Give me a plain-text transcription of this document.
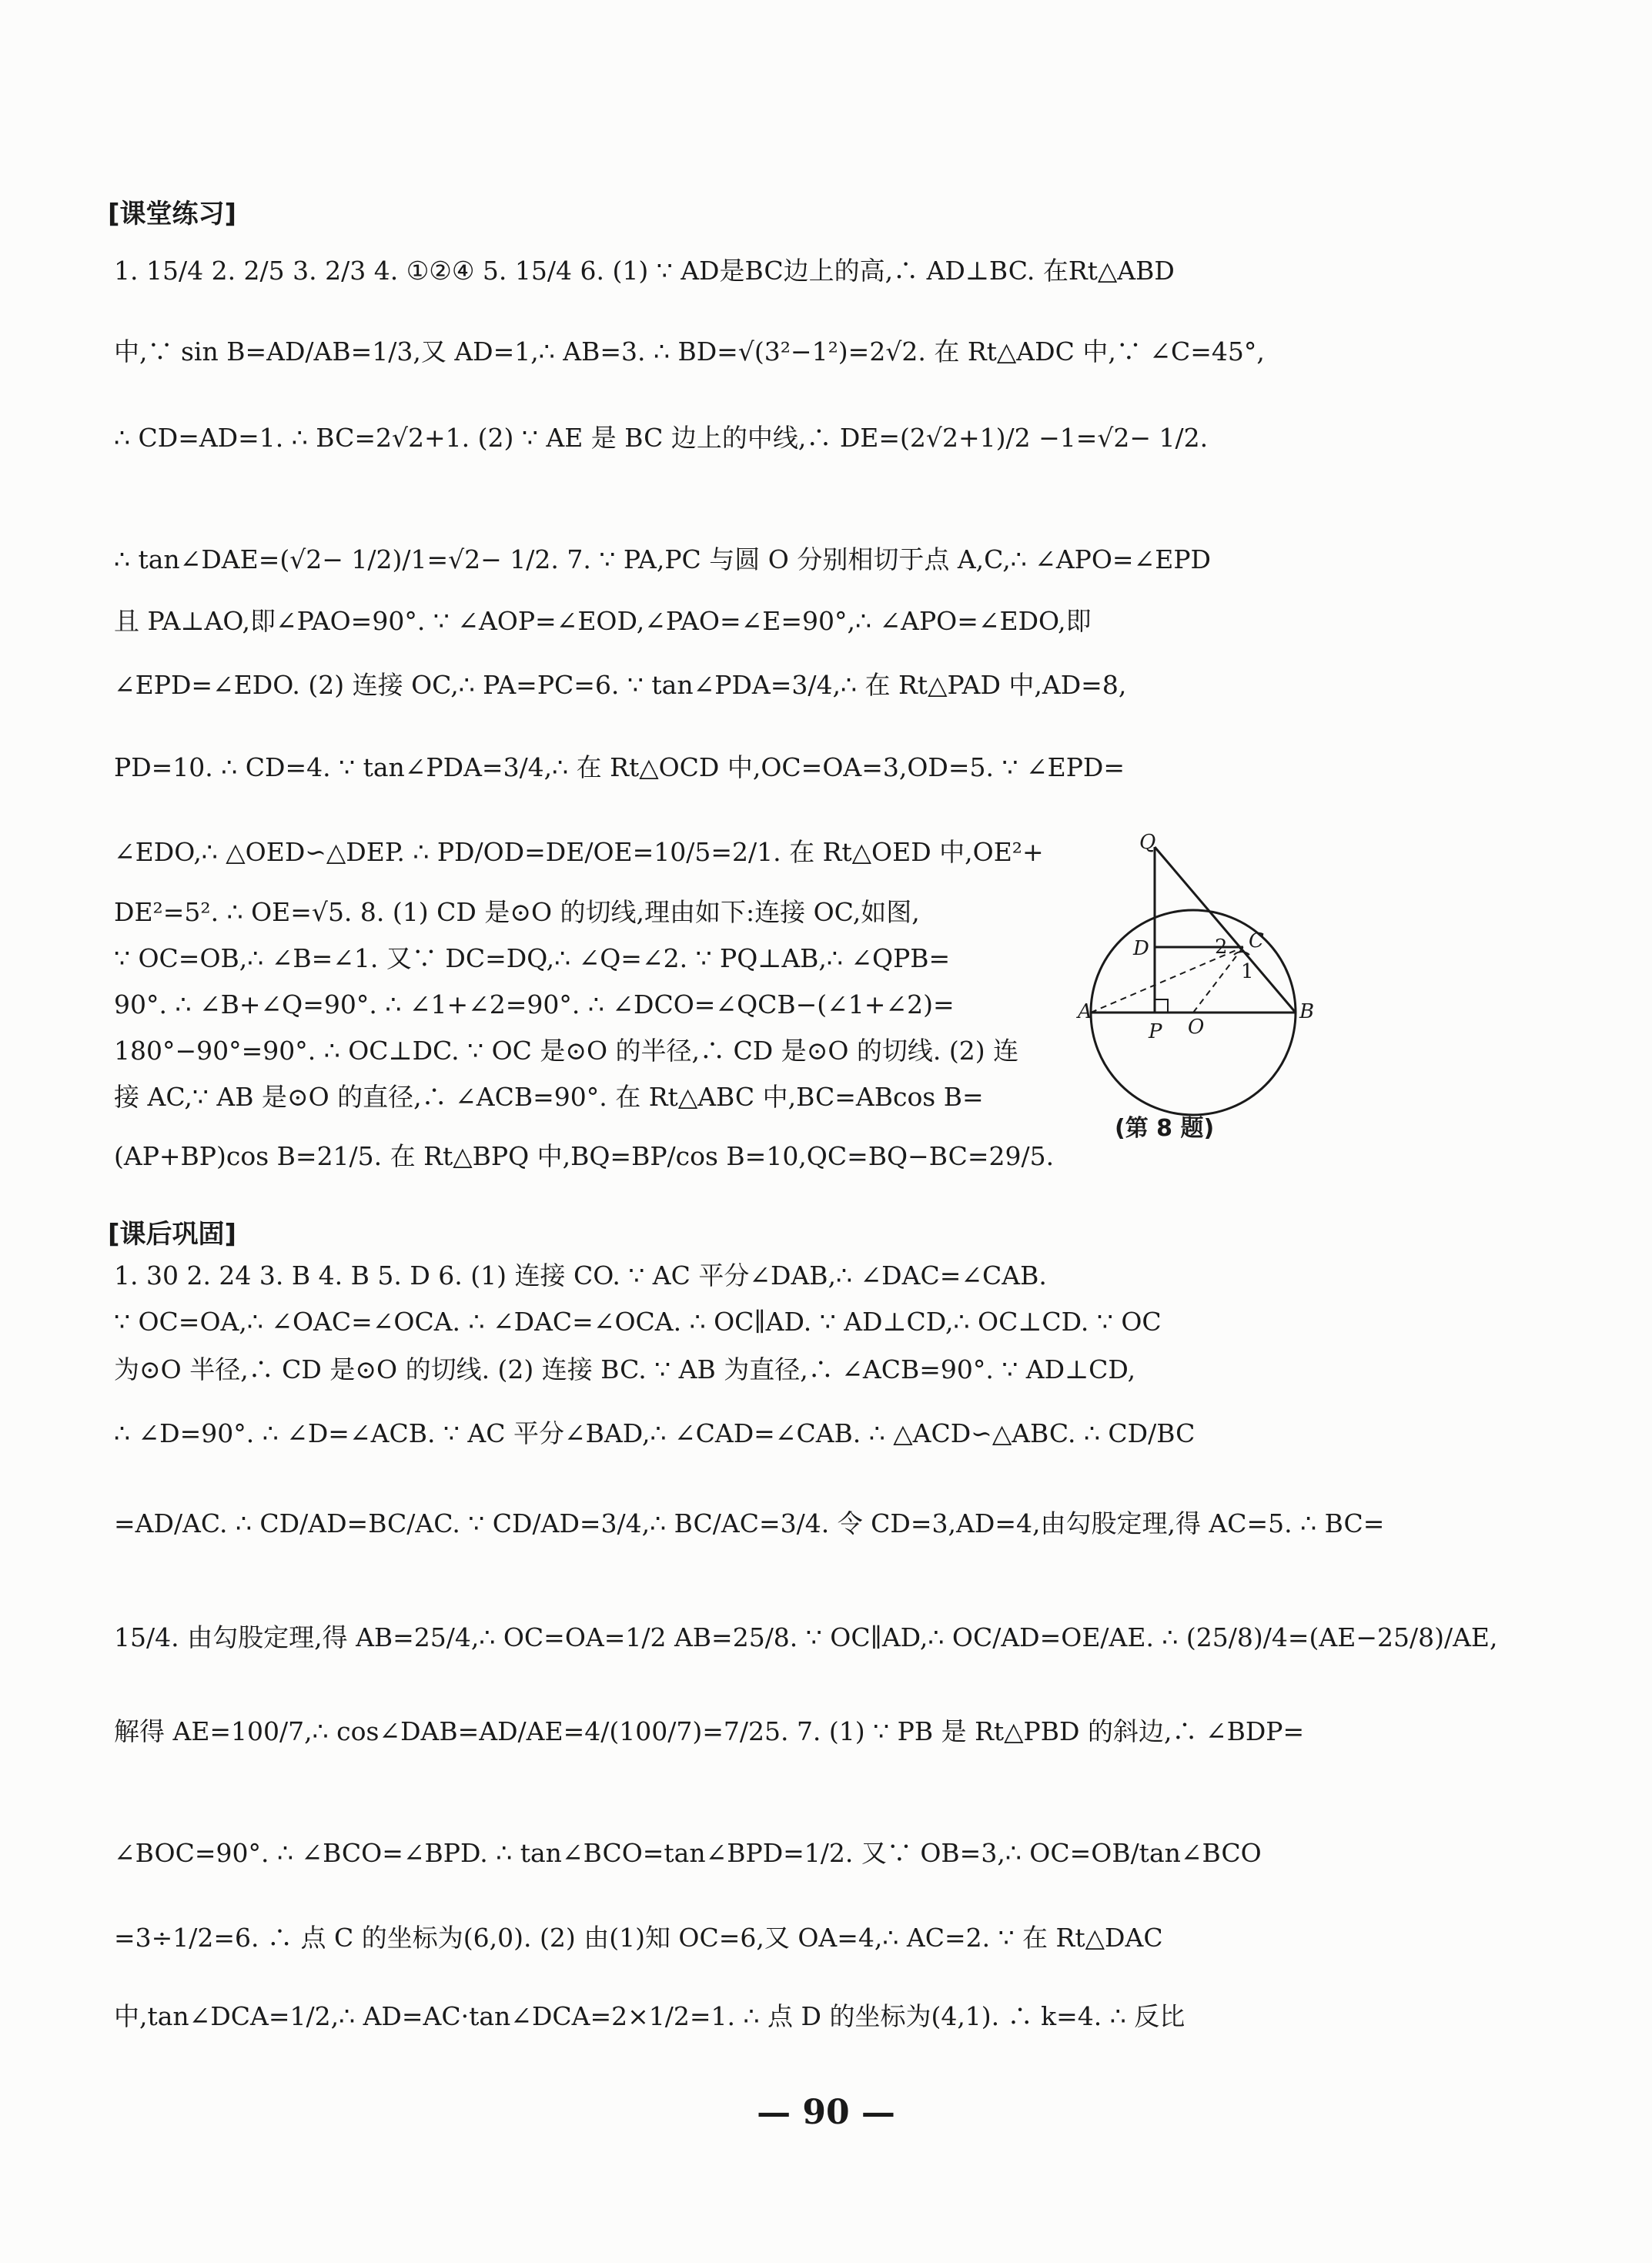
[课堂练习]
1. 15/4 2. 2/5 3. 2/3 4. ①②④ 5. 15/4 6. (1) ∵ AD是BC边上的高,∴ AD⊥BC. 在Rt△ABD
中,∵ sin B=AD/AB=1/3,又 AD=1,∴ AB=3. ∴ BD=√(3²−1²)=2√2. 在 Rt△ADC 中,∵ ∠C=45°,
∴ CD=AD=1. ∴ BC=2√2+1. (2) ∵ AE 是 BC 边上的中线,∴ DE=(2√2+1)/2 −1=√2− 1/2.
∴ tan∠DAE=(√2− 1/2)/1=√2− 1/2. 7. ∵ PA,PC 与圆 O 分别相切于点 A,C,∴ ∠APO=∠EPD
且 PA⊥AO,即∠PAO=90°. ∵ ∠AOP=∠EOD,∠PAO=∠E=90°,∴ ∠APO=∠EDO,即
∠EPD=∠EDO. (2) 连接 OC,∴ PA=PC=6. ∵ tan∠PDA=3/4,∴ 在 Rt△PAD 中,AD=8,
PD=10. ∴ CD=4. ∵ tan∠PDA=3/4,∴ 在 Rt△OCD 中,OC=OA=3,OD=5. ∵ ∠EPD=
∠EDO,∴ △OED∽△DEP. ∴ PD/OD=DE/OE=10/5=2/1. 在 Rt△OED 中,OE²+
DE²=5². ∴ OE=√5. 8. (1) CD 是⊙O 的切线,理由如下:连接 OC,如图,
∵ OC=OB,∴ ∠B=∠1. 又∵ DC=DQ,∴ ∠Q=∠2. ∵ PQ⊥AB,∴ ∠QPB=
90°. ∴ ∠B+∠Q=90°. ∴ ∠1+∠2=90°. ∴ ∠DCO=∠QCB−(∠1+∠2)=
180°−90°=90°. ∴ OC⊥DC. ∵ OC 是⊙O 的半径,∴ CD 是⊙O 的切线. (2) 连
接 AC,∵ AB 是⊙O 的直径,∴ ∠ACB=90°. 在 Rt△ABC 中,BC=ABcos B=
(AP+BP)cos B=21/5. 在 Rt△BPQ 中,BQ=BP/cos B=10,QC=BQ−BC=29/5.
Q
D	2 C
1
A
P O
B
(第 8 题)
[课后巩固]
1. 30 2. 24 3. B 4. B 5. D 6. (1) 连接 CO. ∵ AC 平分∠DAB,∴ ∠DAC=∠CAB.
∵ OC=OA,∴ ∠OAC=∠OCA. ∴ ∠DAC=∠OCA. ∴ OC∥AD. ∵ AD⊥CD,∴ OC⊥CD. ∵ OC
为⊙O 半径,∴ CD 是⊙O 的切线. (2) 连接 BC. ∵ AB 为直径,∴ ∠ACB=90°. ∵ AD⊥CD,
∴ ∠D=90°. ∴ ∠D=∠ACB. ∵ AC 平分∠BAD,∴ ∠CAD=∠CAB. ∴ △ACD∽△ABC. ∴ CD/BC
=AD/AC. ∴ CD/AD=BC/AC. ∵ CD/AD=3/4,∴ BC/AC=3/4. 令 CD=3,AD=4,由勾股定理,得 AC=5. ∴ BC=
15/4. 由勾股定理,得 AB=25/4,∴ OC=OA=1/2 AB=25/8. ∵ OC∥AD,∴ OC/AD=OE/AE. ∴ (25/8)/4=(AE−25/8)/AE,
解得 AE=100/7,∴ cos∠DAB=AD/AE=4/(100/7)=7/25. 7. (1) ∵ PB 是 Rt△PBD 的斜边,∴ ∠BDP=
∠BOC=90°. ∴ ∠BCO=∠BPD. ∴ tan∠BCO=tan∠BPD=1/2. 又∵ OB=3,∴ OC=OB/tan∠BCO
=3÷1/2=6. ∴ 点 C 的坐标为(6,0). (2) 由(1)知 OC=6,又 OA=4,∴ AC=2. ∵ 在 Rt△DAC
中,tan∠DCA=1/2,∴ AD=AC·tan∠DCA=2×1/2=1. ∴ 点 D 的坐标为(4,1). ∴ k=4. ∴ 反比
— 90 —
